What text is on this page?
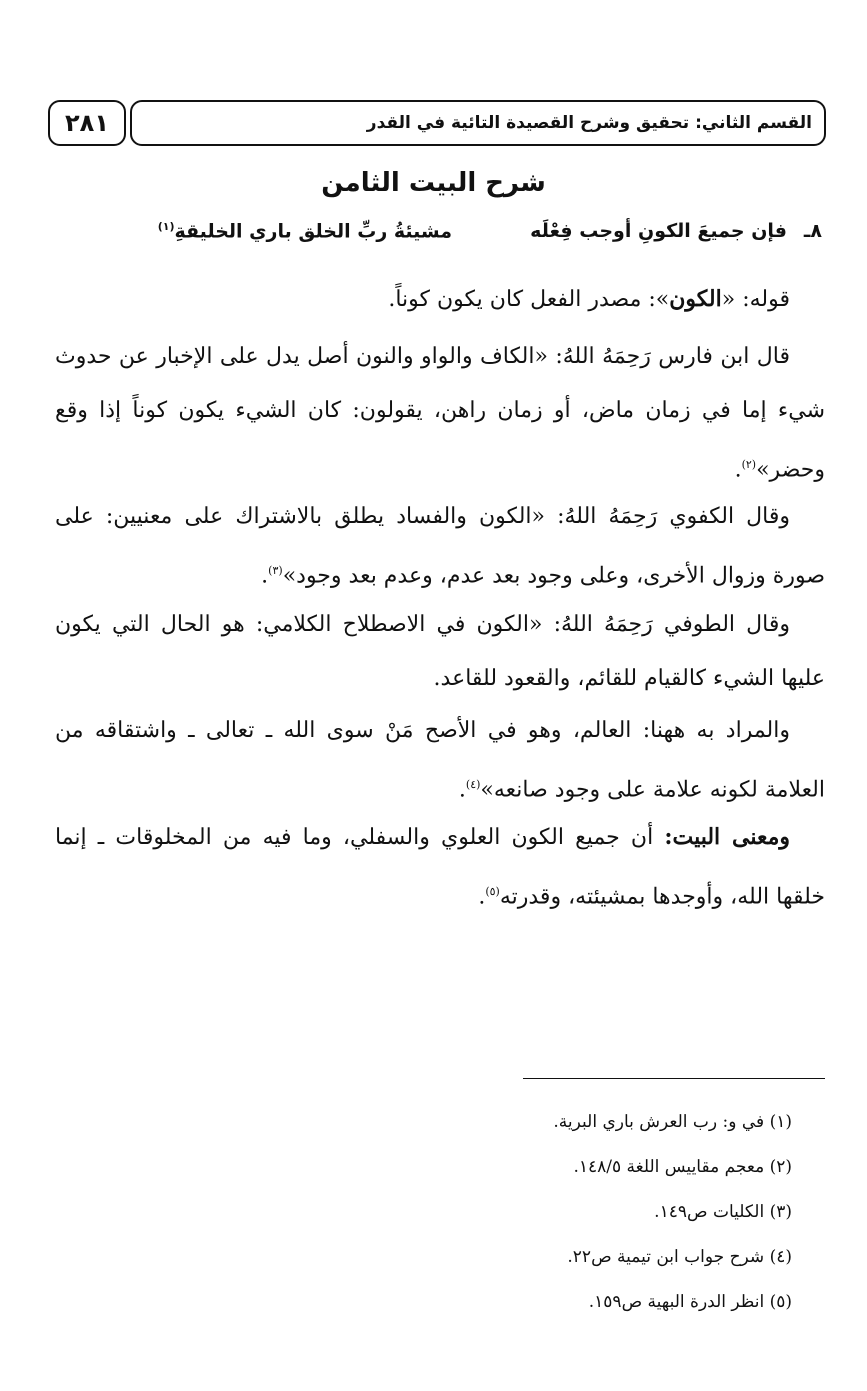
٢٨١	القسم الثاني: تحقيق وشرح القصيدة التائية في القدر
شرح البيت الثامن
٨ـ
فإن جميعَ الكونِ أوجب فِعْلَه
مشيئةُ ربِّ الخلق باري الخليقةِ$^{(١)}$

قوله: «الكون»: مصدر الفعل كان يكون كوناً.

قال ابن فارس رَحِمَهُ اللهُ: «الكاف والواو والنون أصل يدل على الإخبار عن حدوث شيء إما في زمان ماض، أو زمان راهن، يقولون: كان الشيء يكون كوناً إذا وقع وحضر»$^{(٢)}$.

وقال الكفوي رَحِمَهُ اللهُ: «الكون والفساد يطلق بالاشتراك على معنيين: على صورة وزوال الأخرى، وعلى وجود بعد عدم، وعدم بعد وجود»$^{(٣)}$.

وقال الطوفي رَحِمَهُ اللهُ: «الكون في الاصطلاح الكلامي: هو الحال التي يكون عليها الشيء كالقيام للقائم، والقعود للقاعد.

والمراد به ههنا: العالم، وهو في الأصح مَنْ سوى الله ـ تعالى ـ واشتقاقه من العلامة لكونه علامة على وجود صانعه»$^{(٤)}$.

ومعنى البيت: أن جميع الكون العلوي والسفلي، وما فيه من المخلوقات ـ إنما خلقها الله، وأوجدها بمشيئته، وقدرته$^{(٥)}$.

(١) في و: رب العرش باري البرية.
(٢) معجم مقاييس اللغة ١٤٨/٥.
(٣) الكليات ص١٤٩.
(٤) شرح جواب ابن تيمية ص٢٢.
(٥) انظر الدرة البهية ص١٥٩.
